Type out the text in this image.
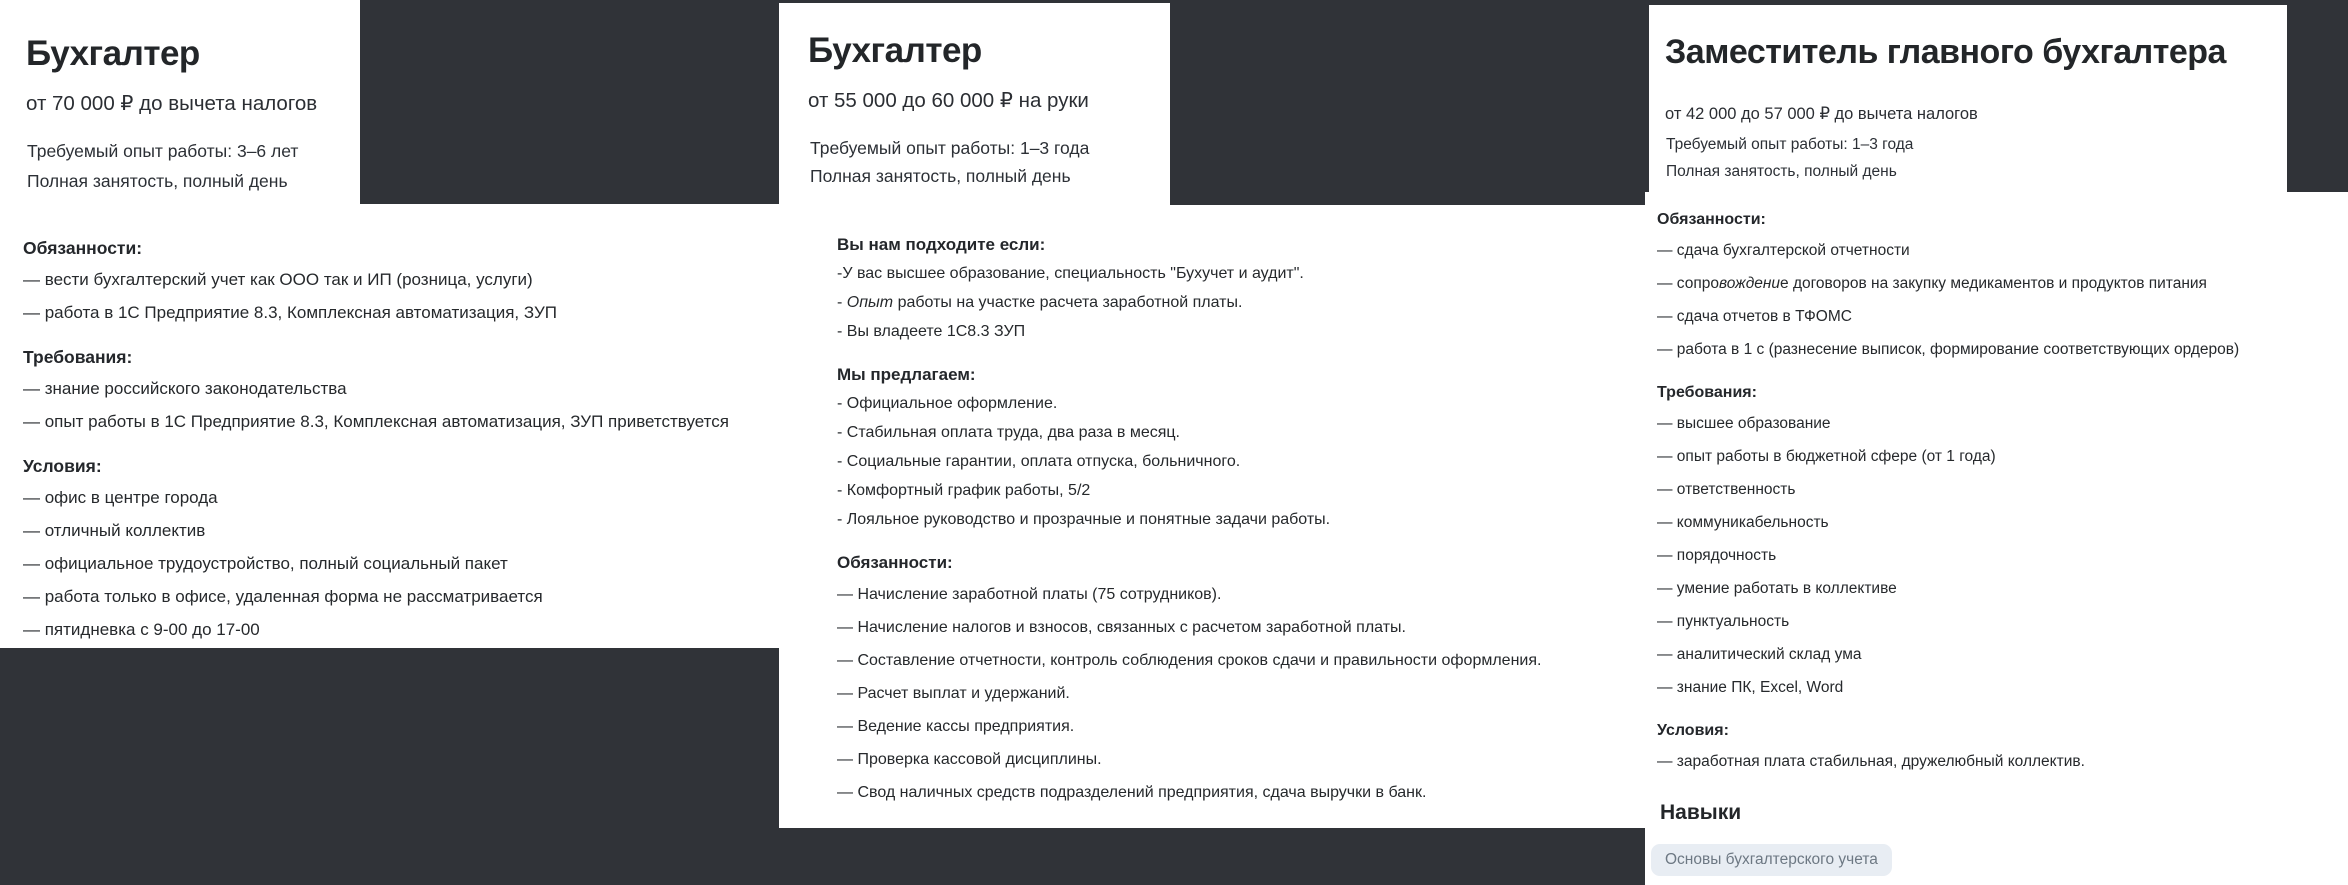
Бухгалтер
от 70 000 ₽ до вычета налогов
Требуемый опыт работы: 3–6 лет
Полная занятость, полный день
Бухгалтер
от 55 000 до 60 000 ₽ на руки
Требуемый опыт работы: 1–3 года
Полная занятость, полный день
Заместитель главного бухгалтера
от 42 000 до 57 000 ₽ до вычета налогов
Требуемый опыт работы: 1–3 года
Полная занятость, полный день
Обязанности:
— вести бухгалтерский учет как ООО так и ИП (розница, услуги)
— работа в 1С Предприятие 8.3, Комплексная автоматизация, ЗУП
Требования:
— знание российского законодательства
— опыт работы в 1С Предприятие 8.3, Комплексная автоматизация, ЗУП приветствуется
Условия:
— офис в центре города
— отличный коллектив
— официальное трудоустройство, полный социальный пакет
— работа только в офисе, удаленная форма не рассматривается
— пятидневка с 9-00 до 17-00
Вы нам подходите если:
-У вас высшее образование, специальность "Бухучет и аудит".
- Опыт работы на участке расчета заработной платы.
- Вы владеете 1С8.3 ЗУП
Мы предлагаем:
- Официальное оформление.
- Стабильная оплата труда, два раза в месяц.
- Социальные гарантии, оплата отпуска, больничного.
- Комфортный график работы, 5/2
- Лояльное руководство и прозрачные и понятные задачи работы.
Обязанности:
— Начисление заработной платы (75 сотрудников).
— Начисление налогов и взносов, связанных с расчетом заработной платы.
— Составление отчетности, контроль соблюдения сроков сдачи и правильности оформления.
— Расчет выплат и удержаний.
— Ведение кассы предприятия.
— Проверка кассовой дисциплины.
— Свод наличных средств подразделений предприятия, сдача выручки в банк.
Обязанности:
— сдача бухгалтерской отчетности
— сопровождение договоров на закупку медикаментов и продуктов питания
— сдача отчетов в ТФОМС
— работа в 1 с (разнесение выписок, формирование соответствующих ордеров)
Требования:
— высшее образование
— опыт работы в бюджетной сфере (от 1 года)
— ответственность
— коммуникабельность
— порядочность
— умение работать в коллективе
— пунктуальность
— аналитический склад ума
— знание ПК, Excel, Word
Условия:
— заработная плата стабильная, дружелюбный коллектив.
Навыки
Основы бухгалтерского учета
